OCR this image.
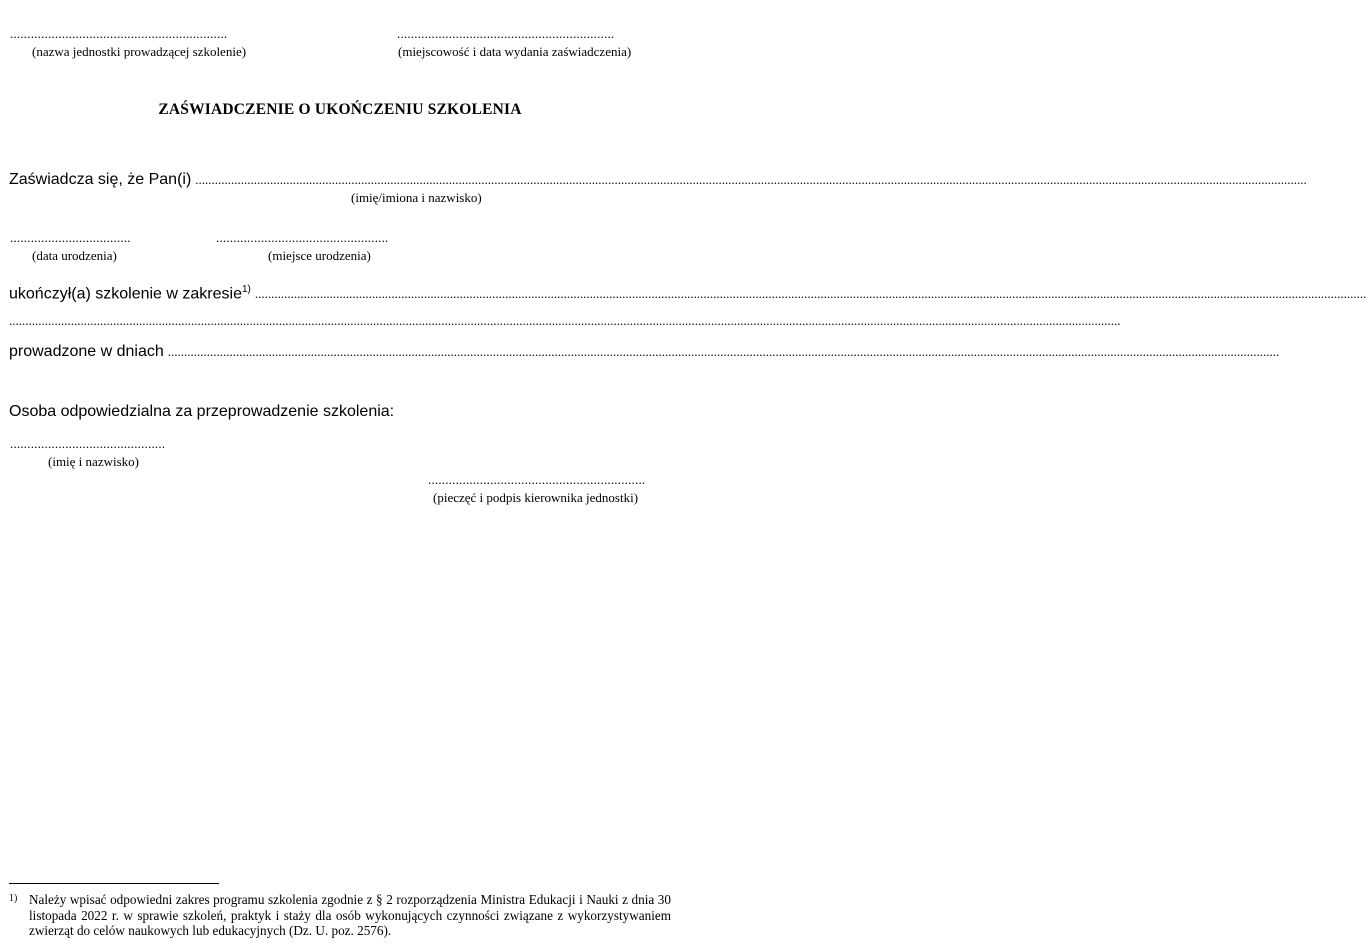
...............................................................
(nazwa jednostki prowadzącej szkolenie)
...............................................................
(miejscowość i data wydania zaświadczenia)
ZAŚWIADCZENIE O UKOŃCZENIU SZKOLENIA
Zaświadcza się, że Pan(i) ......................................................................................................................................................................................................................................................................................................................................................
(imię/imiona i nazwisko)
...................................
(data urodzenia)
..................................................
(miejsce urodzenia)
ukończył(a) szkolenie w zakresie$^{1)}$ ......................................................................................................................................................................................................................................................................................................................................................
......................................................................................................................................................................................................................................................................................................................................................
prowadzone w dniach ......................................................................................................................................................................................................................................................................................................................................................
Osoba odpowiedzialna za przeprowadzenie szkolenia:
.............................................
(imię i nazwisko)
...............................................................
(pieczęć i podpis kierownika jednostki)
1) Należy wpisać odpowiedni zakres programu szkolenia zgodnie z § 2 rozporządzenia Ministra Edukacji i Nauki z dnia 30 listopada 2022 r. w sprawie szkoleń, praktyk i staży dla osób wykonujących czynności związane z wykorzystywaniem zwierząt do celów naukowych lub edukacyjnych (Dz. U. poz. 2576).
